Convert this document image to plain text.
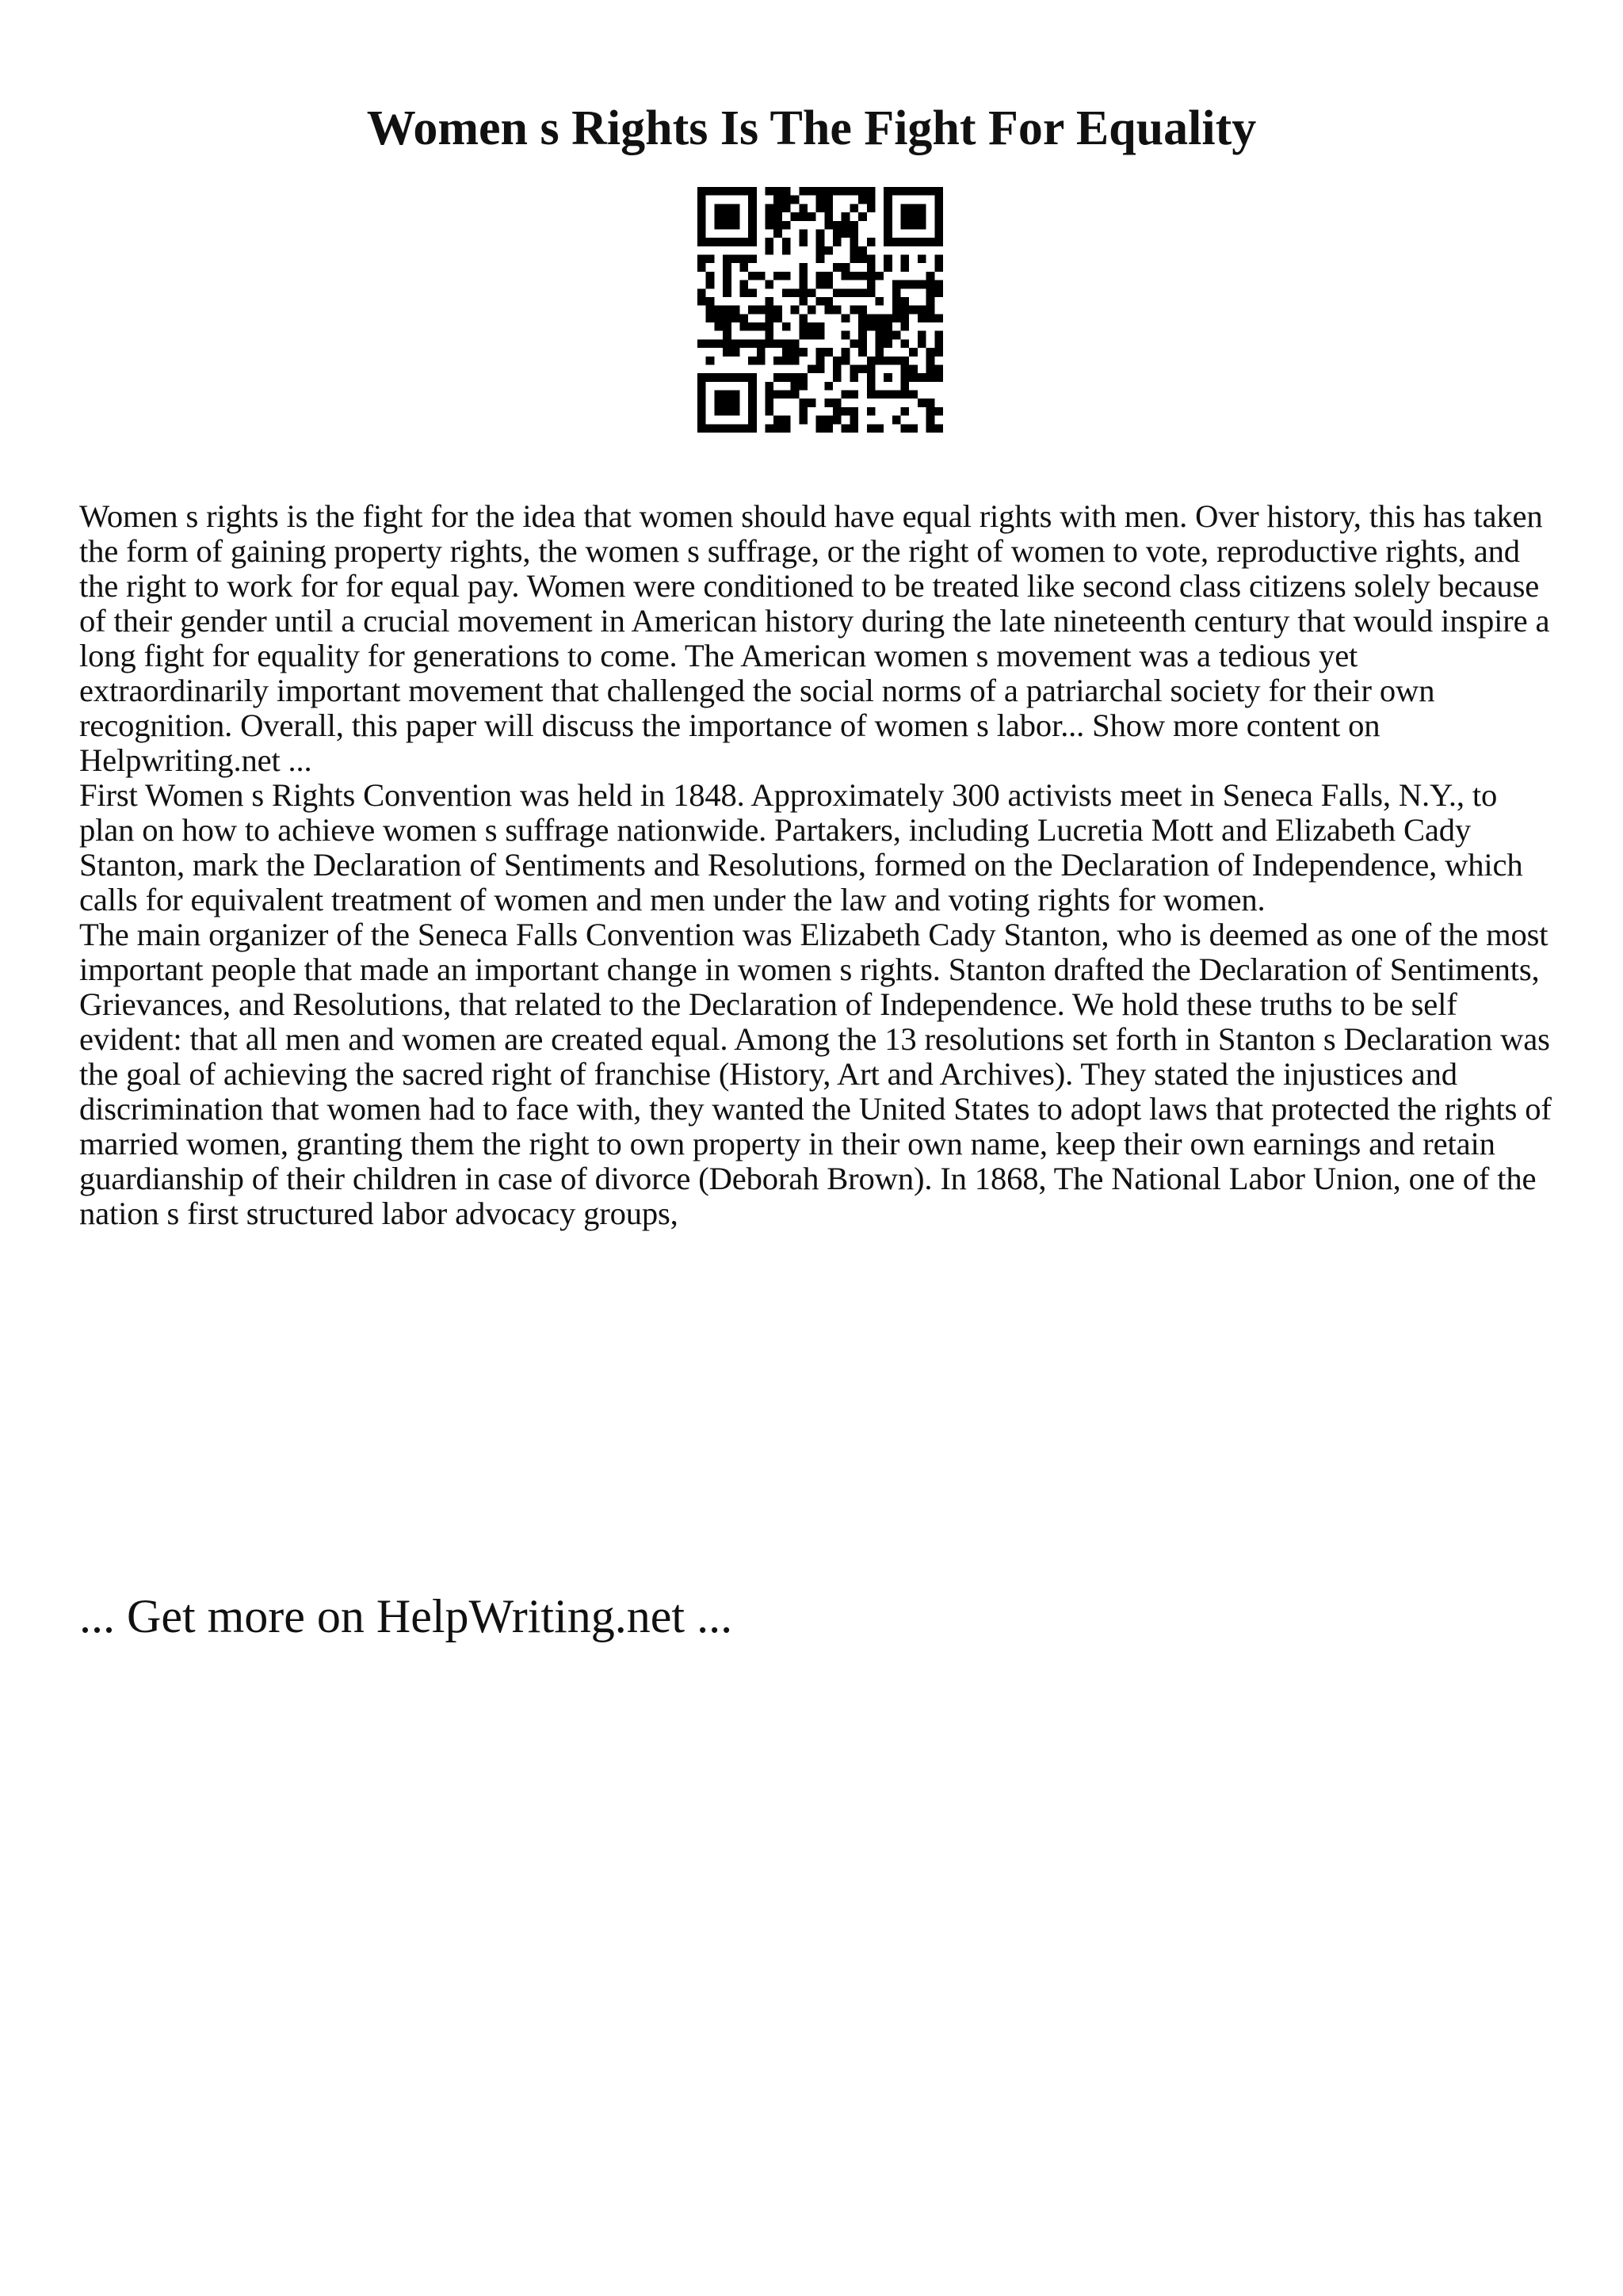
Women s Rights Is The Fight For Equality

Women s rights is the fight for the idea that women should have equal rights with men. Over history, this has taken the form of gaining property rights, the women s suffrage, or the right of women to vote, reproductive rights, and the right to work for for equal pay. Women were conditioned to be treated like second class citizens solely because of their gender until a crucial movement in American history during the late nineteenth century that would inspire a long fight for equality for generations to come. The American women s movement was a tedious yet extraordinarily important movement that challenged the social norms of a patriarchal society for their own recognition. Overall, this paper will discuss the importance of women s labor... Show more content on Helpwriting.net ...

First Women s Rights Convention was held in 1848. Approximately 300 activists meet in Seneca Falls, N.Y., to plan on how to achieve women s suffrage nationwide. Partakers, including Lucretia Mott and Elizabeth Cady Stanton, mark the Declaration of Sentiments and Resolutions, formed on the Declaration of Independence, which calls for equivalent treatment of women and men under the law and voting rights for women.

The main organizer of the Seneca Falls Convention was Elizabeth Cady Stanton, who is deemed as one of the most important people that made an important change in women s rights. Stanton drafted the Declaration of Sentiments, Grievances, and Resolutions, that related to the Declaration of Independence. We hold these truths to be self evident: that all men and women are created equal. Among the 13 resolutions set forth in Stanton s Declaration was the goal of achieving the sacred right of franchise (History, Art and Archives). They stated the injustices and discrimination that women had to face with, they wanted the United States to adopt laws that protected the rights of married women, granting them the right to own property in their own name, keep their own earnings and retain guardianship of their children in case of divorce (Deborah Brown). In 1868, The National Labor Union, one of the nation s first structured labor advocacy groups,

... Get more on HelpWriting.net ...
